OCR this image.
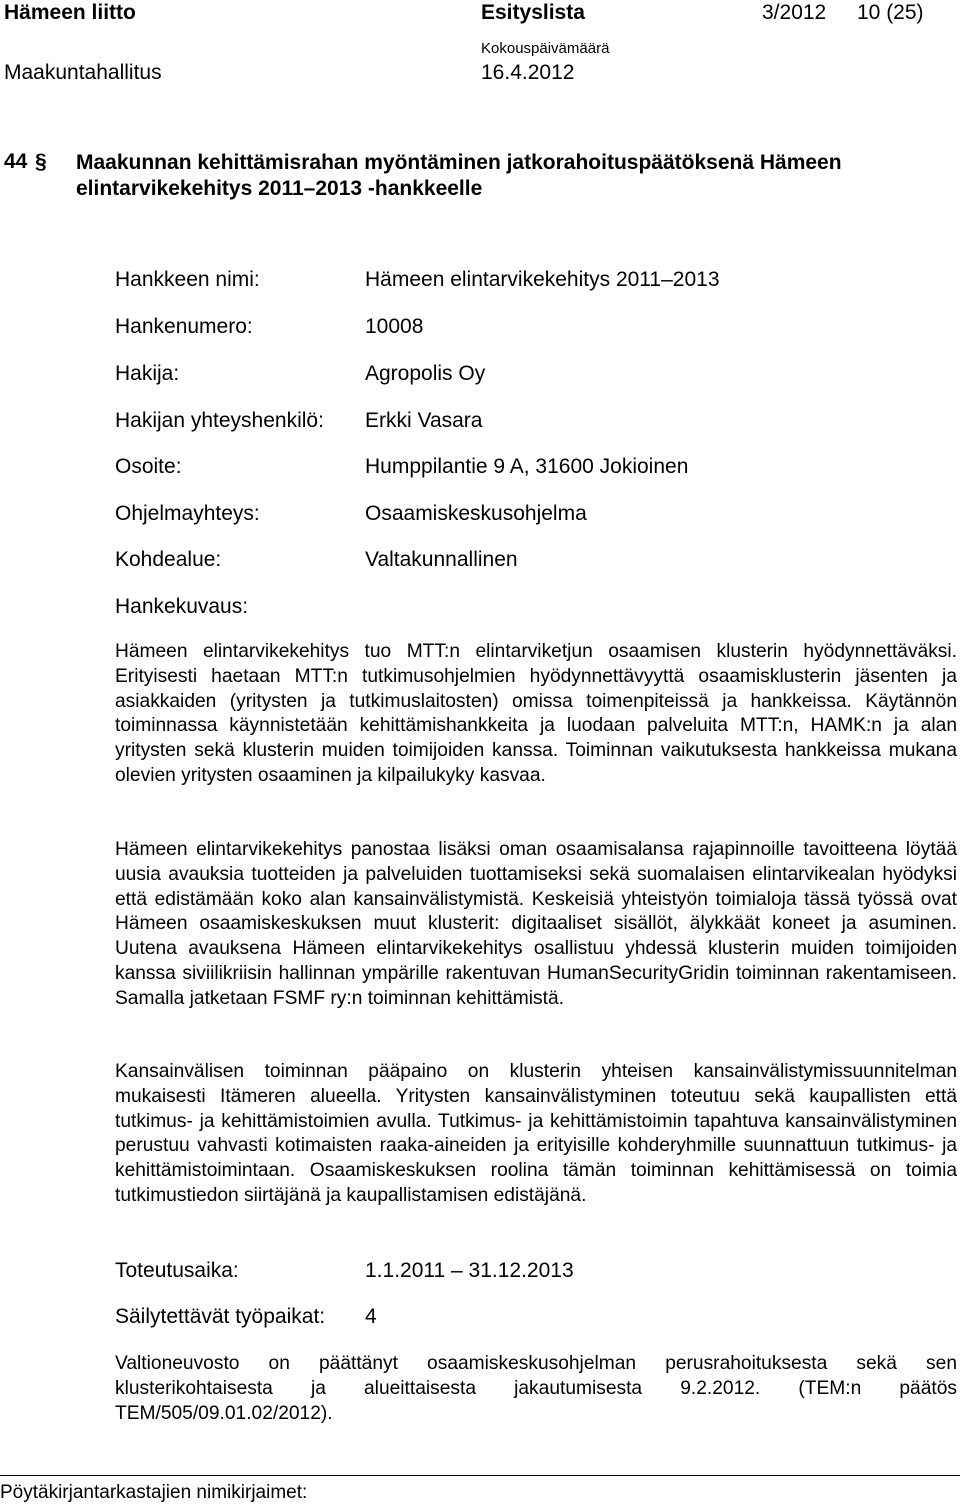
Hämeen liitto	Esityslista	3/2012 10 (25)
Kokouspäivämäärä
Maakuntahallitus	16.4.2012
44 § Maakunnan kehittämisrahan myöntäminen jatkorahoituspäätöksenä Hämeen elintarvikekehitys 2011–2013 -hankkeelle
Hankkeen nimi:	Hämeen elintarvikekehitys 2011–2013
Hankenumero:	10008
Hakija:	Agropolis Oy
Hakijan yhteyshenkilö: Erkki Vasara
Osoite:	Humppilantie 9 A, 31600 Jokioinen
Ohjelmayhteys:	Osaamiskeskusohjelma
Kohdealue:	Valtakunnallinen
Hankekuvaus:
Hämeen elintarvikekehitys tuo MTT:n elintarviketjun osaamisen klusterin hyödynnettäväksi. Erityisesti haetaan MTT:n tutkimusohjelmien hyödynnettävyyttä osaamisklusterin jäsenten ja asiakkaiden (yritysten ja tutkimuslaitosten) omissa toimenpiteissä ja hankkeissa. Käytännön toiminnassa käynnistetään kehittämishankkeita ja luodaan palveluita MTT:n, HAMK:n ja alan yritysten sekä klusterin muiden toimijoiden kanssa. Toiminnan vaikutuksesta hankkeissa mukana olevien yritysten osaaminen ja kilpailukyky kasvaa.
Hämeen elintarvikekehitys panostaa lisäksi oman osaamisalansa rajapinnoille tavoitteena löytää uusia avauksia tuotteiden ja palveluiden tuottamiseksi sekä suomalaisen elintarvikealan hyödyksi että edistämään koko alan kansainvälistymistä. Keskeisiä yhteistyön toimialoja tässä työssä ovat Hämeen osaamiskeskuksen muut klusterit: digitaaliset sisällöt, älykkäät koneet ja asuminen. Uutena avauksena Hämeen elintarvikekehitys osallistuu yhdessä klusterin muiden toimijoiden kanssa siviilikriisin hallinnan ympärille rakentuvan HumanSecurityGridin toiminnan rakentamiseen. Samalla jatketaan FSMF ry:n toiminnan kehittämistä.
Kansainvälisen toiminnan pääpaino on klusterin yhteisen kansainvälistymissuunnitelman mukaisesti Itämeren alueella. Yritysten kansainvälistyminen toteutuu sekä kaupallisten että tutkimus- ja kehittämistoimien avulla. Tutkimus- ja kehittämistoimin tapahtuva kansainvälistyminen perustuu vahvasti kotimaisten raaka-aineiden ja erityisille kohderyhmille suunnattuun tutkimus- ja kehittämistoimintaan. Osaamiskeskuksen roolina tämän toiminnan kehittämisessä on toimia tutkimustiedon siirtäjänä ja kaupallistamisen edistäjänä.
Toteutusaika:	1.1.2011 – 31.12.2013
Säilytettävät työpaikat: 4
Valtioneuvosto on päättänyt osaamiskeskusohjelman perusrahoituksesta sekä sen klusterikohtaisesta ja alueittaisesta jakautumisesta 9.2.2012. (TEM:n päätös TEM/505/09.01.02/2012).
Pöytäkirjantarkastajien nimikirjaimet:
